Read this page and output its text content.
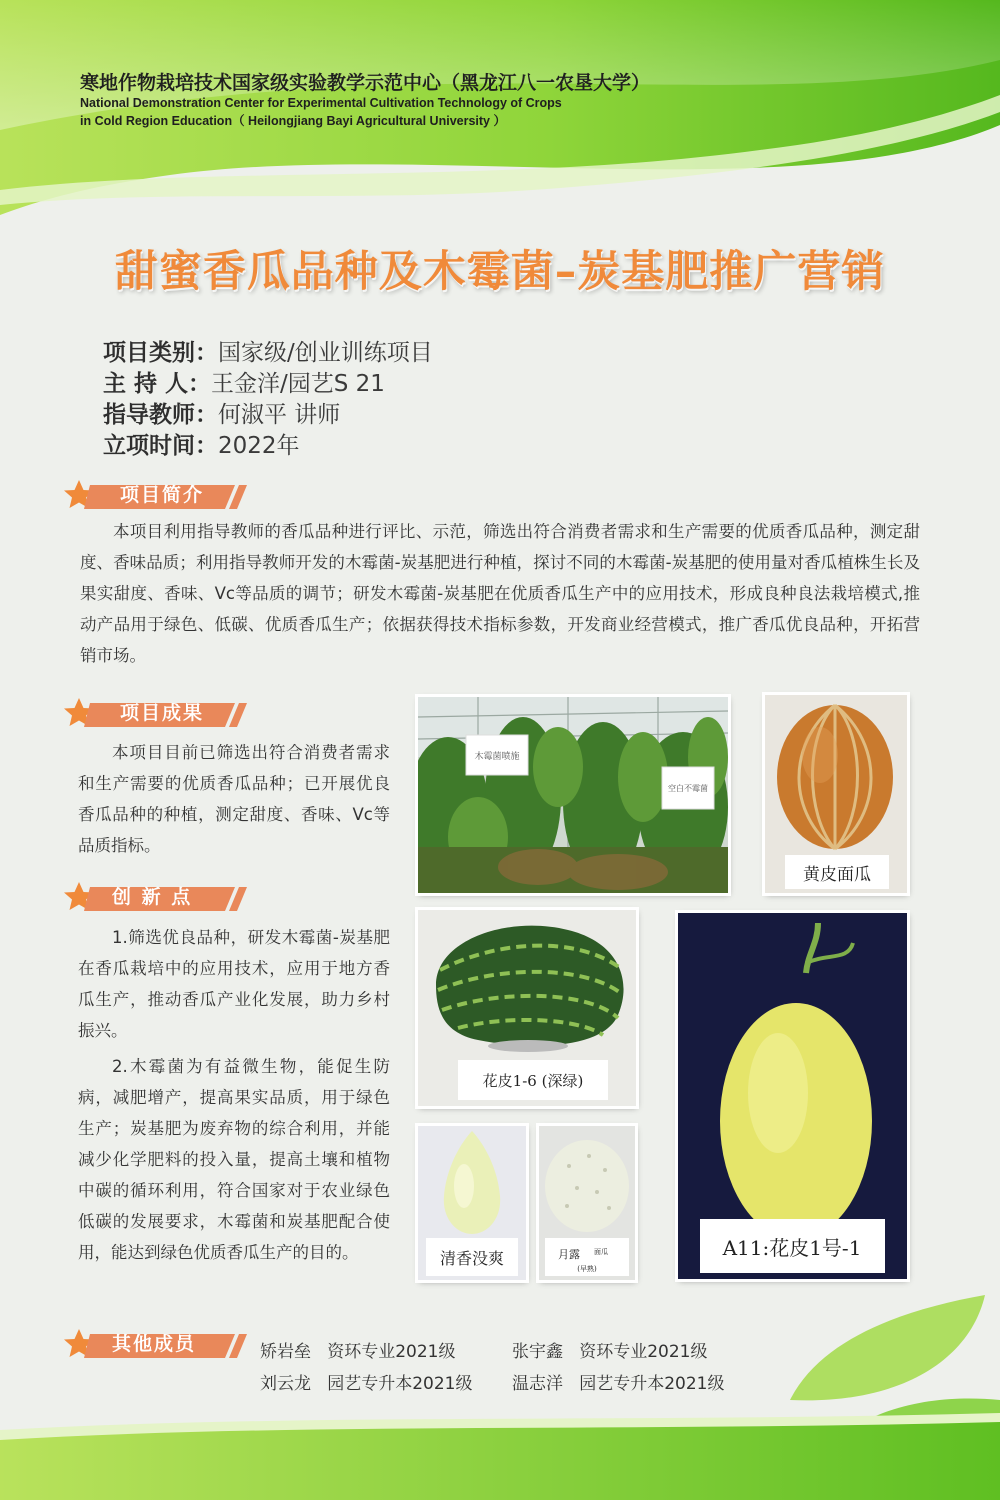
寒地作物栽培技术国家级实验教学示范中心（黑龙江八一农垦大学）
National Demonstration Center for Experimental Cultivation Technology of Crops
in Cold Region Education（ Heilongjiang Bayi Agricultural University ）
甜蜜香瓜品种及木霉菌–炭基肥推广营销
项目类别：国家级/创业训练项目
主 持 人：王金洋/园艺S 21
指导教师：何淑平 讲师
立项时间：2022年
项目简介
本项目利用指导教师的香瓜品种进行评比、示范，筛选出符合消费者需求和生产需要的优质香瓜品种，测定甜度、香味品质；利用指导教师开发的木霉菌-炭基肥进行种植，探讨不同的木霉菌-炭基肥的使用量对香瓜植株生长及果实甜度、香味、Vc等品质的调节；研发木霉菌-炭基肥在优质香瓜生产中的应用技术，形成良种良法栽培模式,推动产品用于绿色、低碳、优质香瓜生产；依据获得技术指标参数，开发商业经营模式，推广香瓜优良品种，开拓营销市场。
项目成果
本项目目前已筛选出符合消费者需求和生产需要的优质香瓜品种；已开展优良香瓜品种的种植，测定甜度、香味、Vc等品质指标。
创 新 点
1.筛选优良品种，研发木霉菌-炭基肥在香瓜栽培中的应用技术，应用于地方香瓜生产，推动香瓜产业化发展，助力乡村振兴。
2.木霉菌为有益微生物，能促生防病，减肥增产，提高果实品质，用于绿色生产；炭基肥为废弃物的综合利用，并能减少化学肥料的投入量，提高土壤和植物中碳的循环利用，符合国家对于农业绿色低碳的发展要求，木霉菌和炭基肥配合使用，能达到绿色优质香瓜生产的目的。
木霉菌喷施
空白不霉菌
黄皮面瓜
花皮1-6 (深绿)
A11:花皮1号-1
清香没爽	月露 面瓜
(早熟)
其他成员	矫岩垒 资环专业2021级	张宇鑫 资环专业2021级
刘云龙 园艺专升本2021级 温志洋 园艺专升本2021级
